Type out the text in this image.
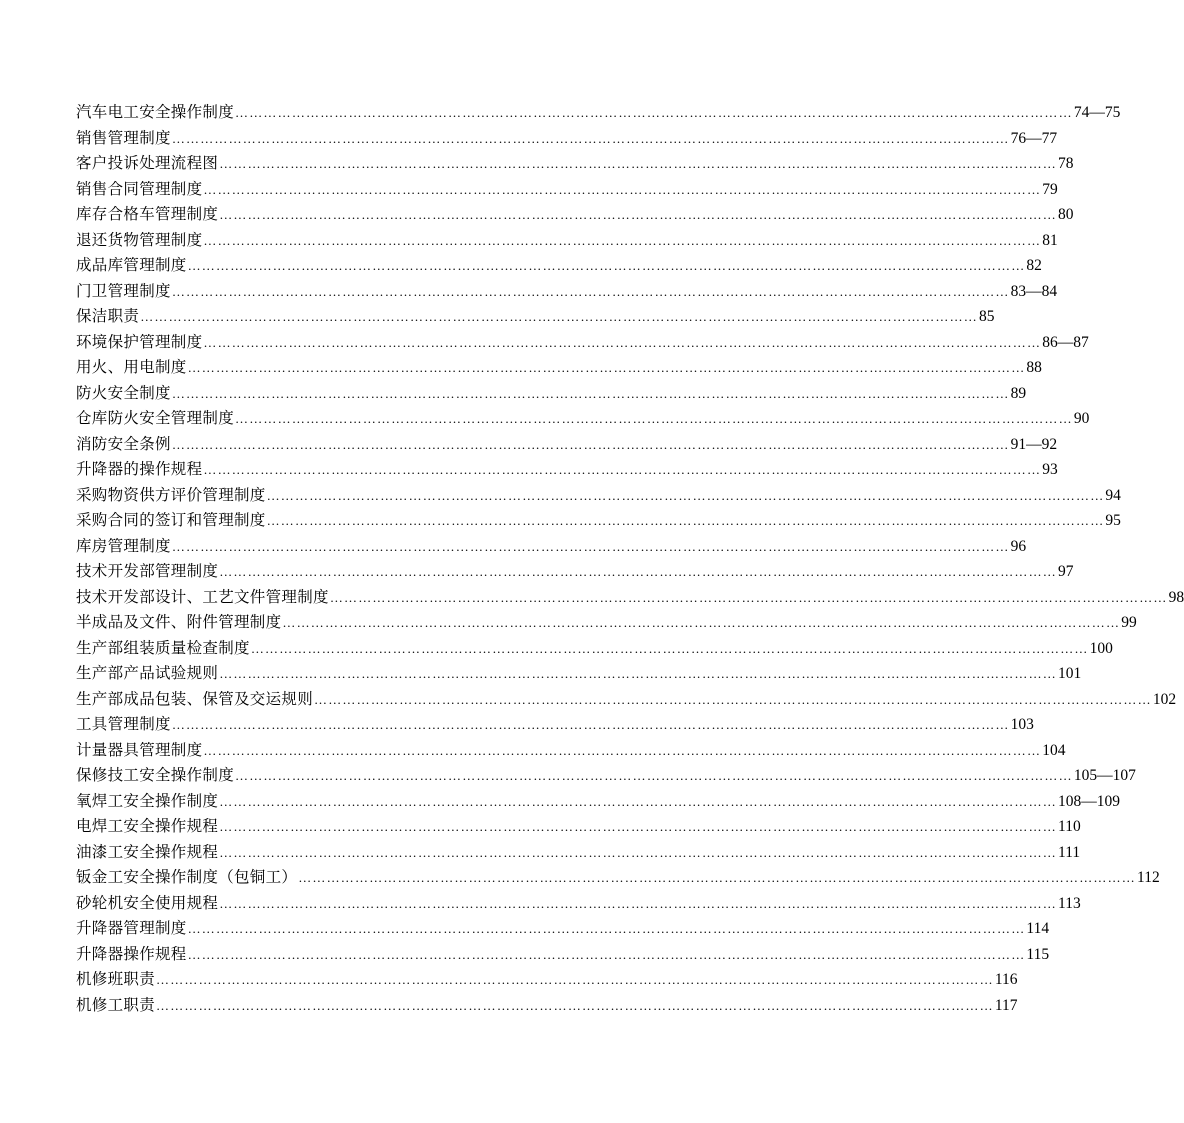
汽车电工安全操作制度 …………………………………………………………………………………………………………………………………………………………… 74—75
销售管理制度 …………………………………………………………………………………………………………………………………………………………… 76—77
客户投诉处理流程图 …………………………………………………………………………………………………………………………………………………………… 78
销售合同管理制度 …………………………………………………………………………………………………………………………………………………………… 79
库存合格车管理制度 …………………………………………………………………………………………………………………………………………………………… 80
退还货物管理制度 …………………………………………………………………………………………………………………………………………………………… 81
成品库管理制度 …………………………………………………………………………………………………………………………………………………………… 82
门卫管理制度 …………………………………………………………………………………………………………………………………………………………… 83—84
保洁职责 …………………………………………………………………………………………………………………………………………………………… 85
环境保护管理制度 …………………………………………………………………………………………………………………………………………………………… 86—87
用火、用电制度 …………………………………………………………………………………………………………………………………………………………… 88
防火安全制度 …………………………………………………………………………………………………………………………………………………………… 89
仓库防火安全管理制度 …………………………………………………………………………………………………………………………………………………………… 90
消防安全条例 …………………………………………………………………………………………………………………………………………………………… 91—92
升降器的操作规程 …………………………………………………………………………………………………………………………………………………………… 93
采购物资供方评价管理制度 …………………………………………………………………………………………………………………………………………………………… 94
采购合同的签订和管理制度 …………………………………………………………………………………………………………………………………………………………… 95
库房管理制度 …………………………………………………………………………………………………………………………………………………………… 96
技术开发部管理制度 …………………………………………………………………………………………………………………………………………………………… 97
技术开发部设计、工艺文件管理制度 …………………………………………………………………………………………………………………………………………………………… 98
半成品及文件、附件管理制度 …………………………………………………………………………………………………………………………………………………………… 99
生产部组装质量检查制度 …………………………………………………………………………………………………………………………………………………………… 100
生产部产品试验规则 …………………………………………………………………………………………………………………………………………………………… 101
生产部成品包装、保管及交运规则 …………………………………………………………………………………………………………………………………………………………… 102
工具管理制度 …………………………………………………………………………………………………………………………………………………………… 103
计量器具管理制度 …………………………………………………………………………………………………………………………………………………………… 104
保修技工安全操作制度 …………………………………………………………………………………………………………………………………………………………… 105—107
氧焊工安全操作制度 …………………………………………………………………………………………………………………………………………………………… 108—109
电焊工安全操作规程 …………………………………………………………………………………………………………………………………………………………… 110
油漆工安全操作规程 …………………………………………………………………………………………………………………………………………………………… 111
钣金工安全操作制度（包铜工） …………………………………………………………………………………………………………………………………………………………… 112
砂轮机安全使用规程 …………………………………………………………………………………………………………………………………………………………… 113
升降器管理制度 …………………………………………………………………………………………………………………………………………………………… 114
升降器操作规程 …………………………………………………………………………………………………………………………………………………………… 115
机修班职责 …………………………………………………………………………………………………………………………………………………………… 116
机修工职责 …………………………………………………………………………………………………………………………………………………………… 117
